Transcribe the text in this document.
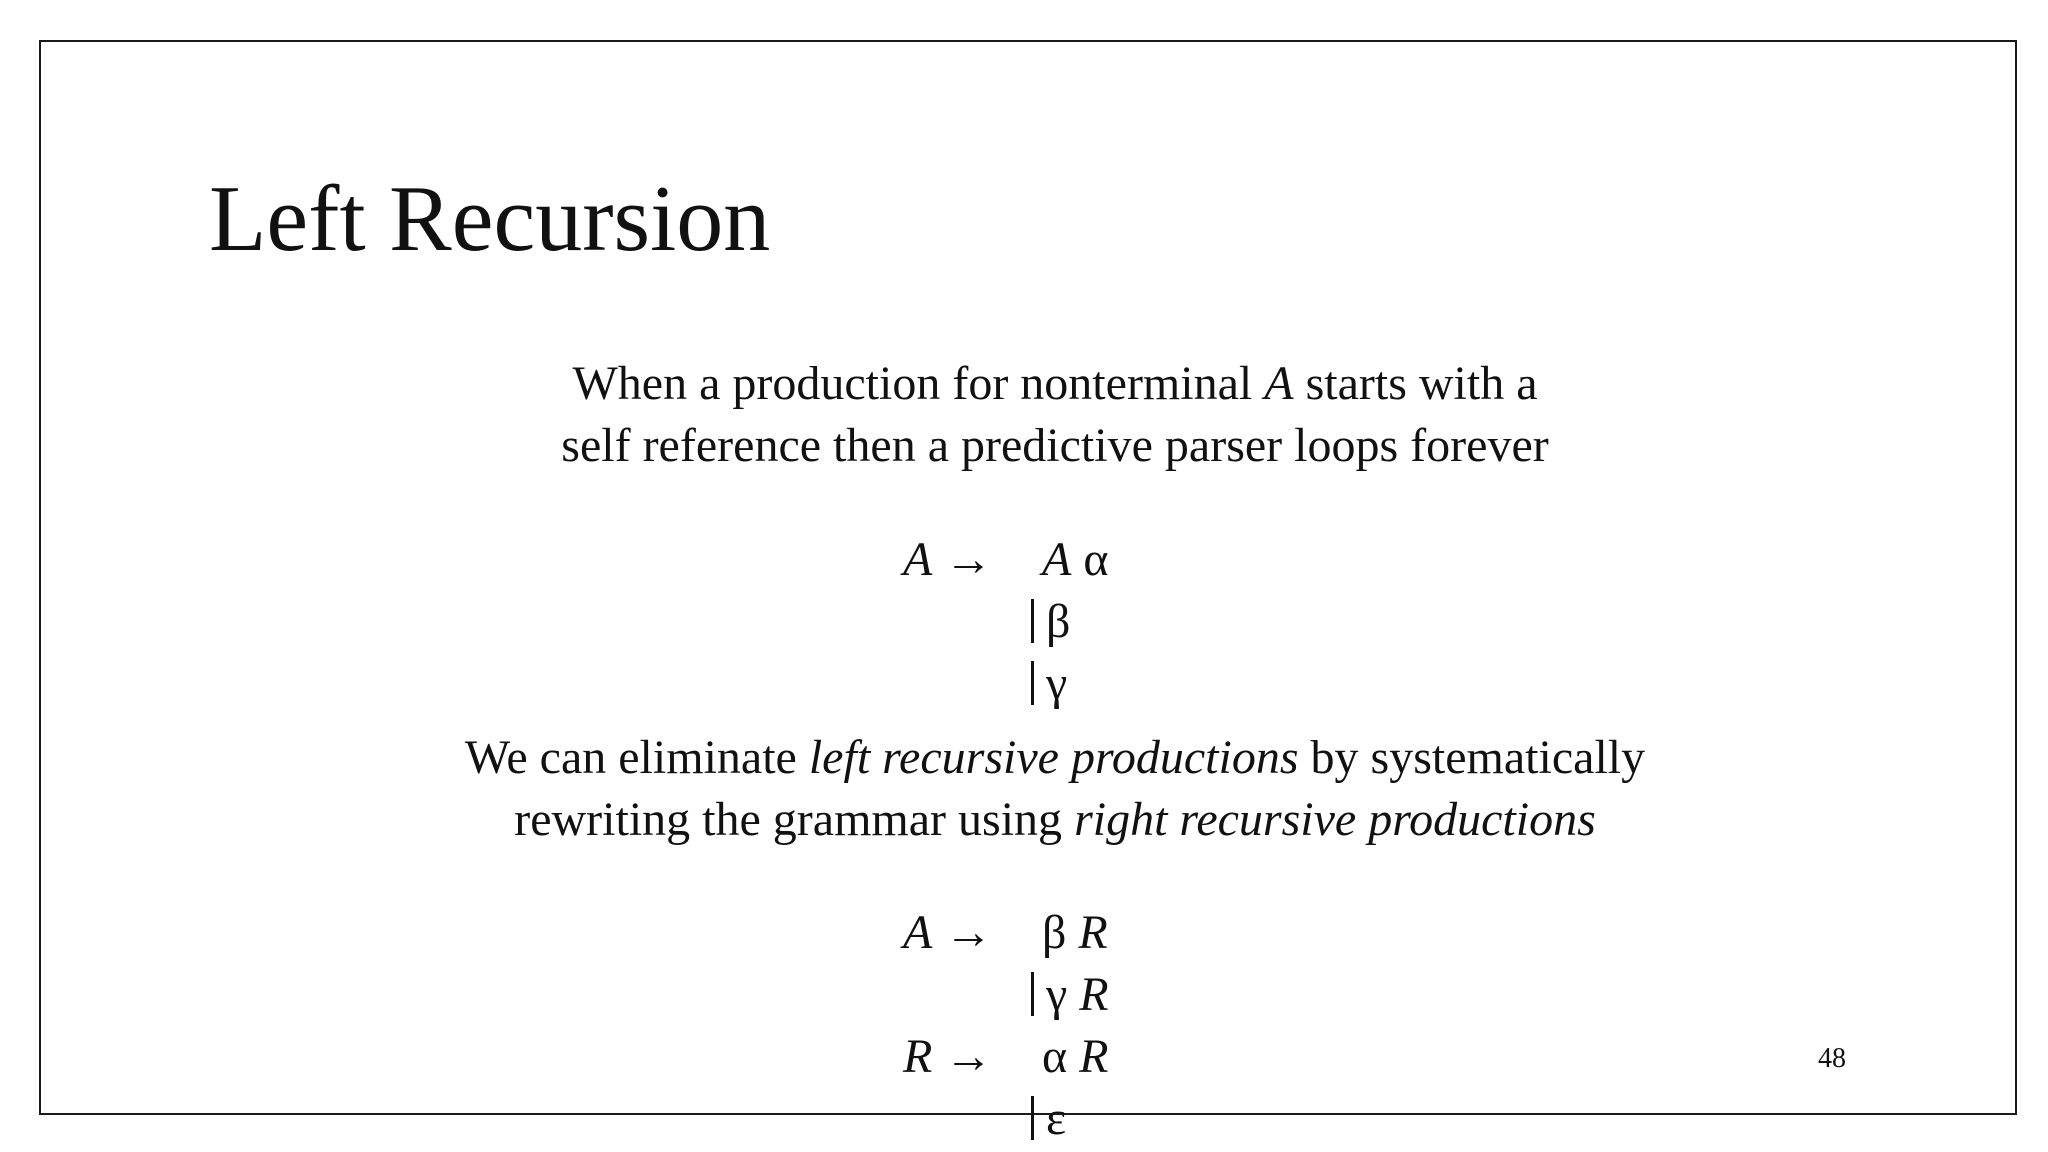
Left Recursion
When a production for nonterminal A starts with a
self reference then a predictive parser loops forever
A → A α
β
γ
We can eliminate left recursive productions by systematically
rewriting the grammar using right recursive productions
A → β R
γ R
R → α R
ε
48
